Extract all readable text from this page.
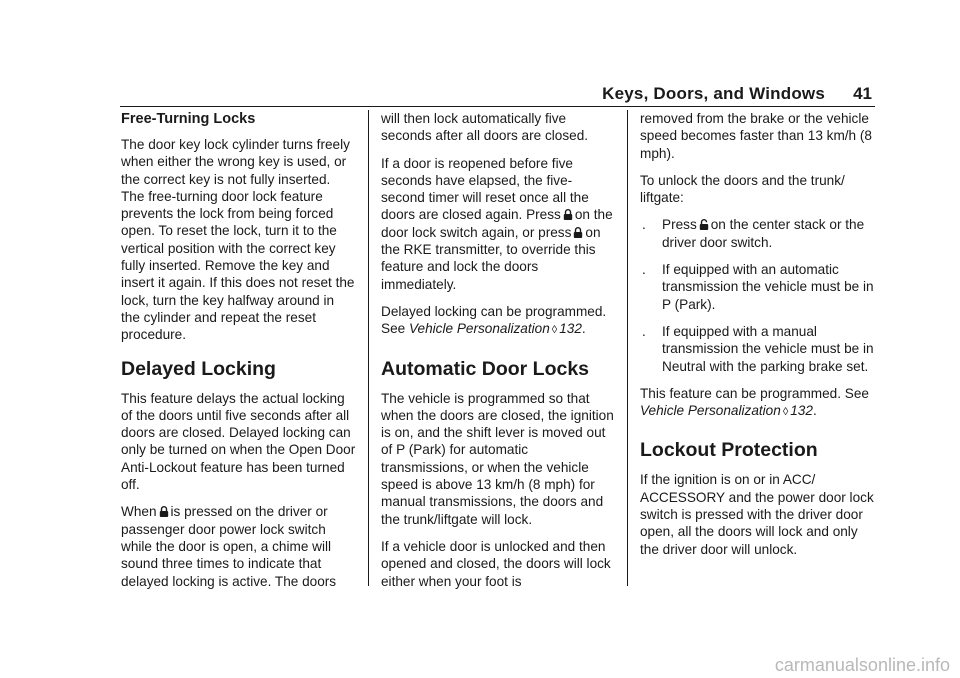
Keys, Doors, and Windows 41
Free-Turning Locks

The door key lock cylinder turns freely when either the wrong key is used, or the correct key is not fully inserted. The free-turning door lock feature prevents the lock from being forced open. To reset the lock, turn it to the vertical position with the correct key fully inserted. Remove the key and insert it again. If this does not reset the lock, turn the key halfway around in the cylinder and repeat the reset procedure.

Delayed Locking

This feature delays the actual locking of the doors until five seconds after all doors are closed. Delayed locking can only be turned on when the Open Door Anti-Lockout feature has been turned off.

When is pressed on the driver or passenger door power lock switch while the door is open, a chime will sound three times to indicate that delayed locking is active. The doors

will then lock automatically five seconds after all doors are closed.

If a door is reopened before five seconds have elapsed, the five-second timer will reset once all the doors are closed again. Press on the door lock switch again, or press on the RKE transmitter, to override this feature and lock the doors immediately.

Delayed locking can be programmed. See Vehicle Personalization ◊ 132.

Automatic Door Locks

The vehicle is programmed so that when the doors are closed, the ignition is on, and the shift lever is moved out of P (Park) for automatic transmissions, or when the vehicle speed is above 13 km/h (8 mph) for manual transmissions, the doors and the trunk/liftgate will lock.

If a vehicle door is unlocked and then opened and closed, the doors will lock either when your foot is

removed from the brake or the vehicle speed becomes faster than 13 km/h (8 mph).

To unlock the doors and the trunk/ liftgate:

. Press on the center stack or the driver door switch.
. If equipped with an automatic transmission the vehicle must be in P (Park).
. If equipped with a manual transmission the vehicle must be in Neutral with the parking brake set.

This feature can be programmed. See Vehicle Personalization ◊ 132.

Lockout Protection

If the ignition is on or in ACC/ ACCESSORY and the power door lock switch is pressed with the driver door open, all the doors will lock and only the driver door will unlock.

carmanualsonline.info
